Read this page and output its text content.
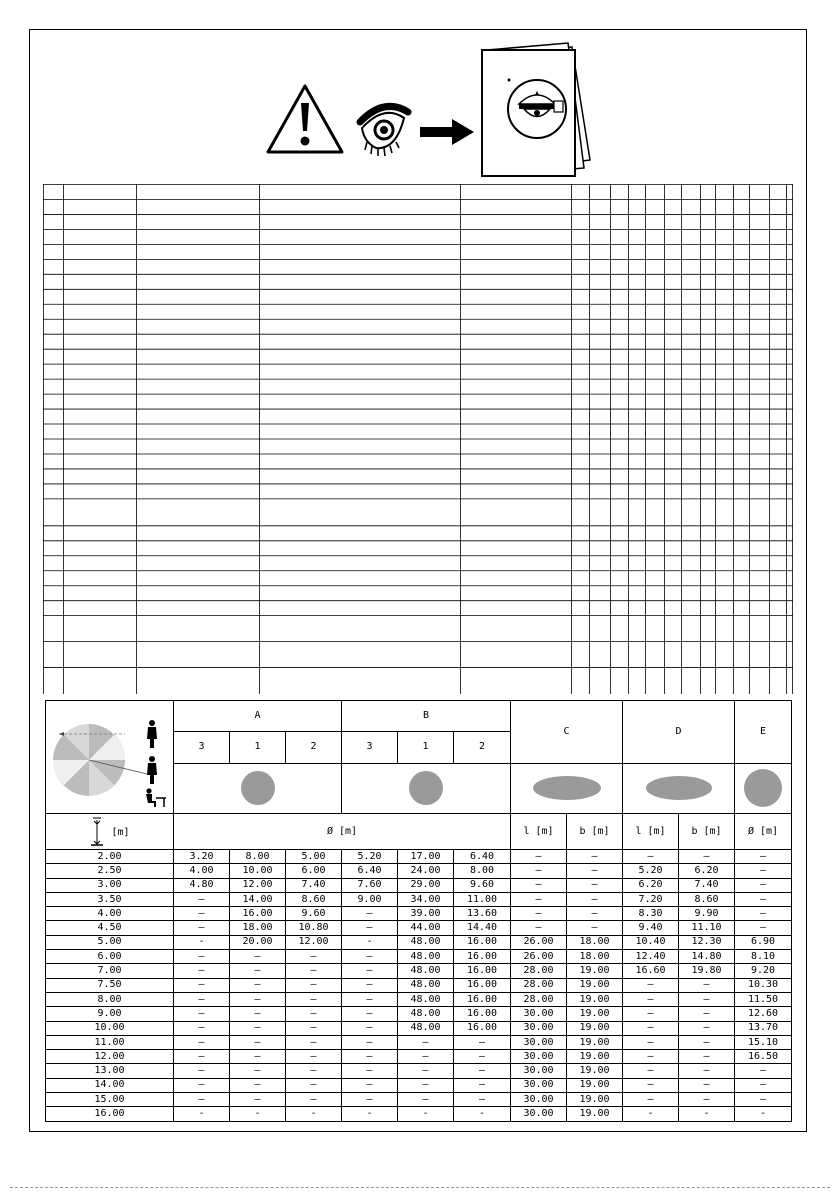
	A			B			C		D		E
	3	1	2	3	1	2					

[m]	Ø [m]						l [m]	b [m]	l [m]	b [m]	Ø [m]
2.00	3.20	8.00	5.00	5.20	17.00	6.40	–	–	–	–	–
2.50	4.00	10.00	6.00	6.40	24.00	8.00	–	–	5.20	6.20	–
3.00	4.80	12.00	7.40	7.60	29.00	9.60	–	–	6.20	7.40	–
3.50	–	14.00	8.60	9.00	34.00	11.00	–	–	7.20	8.60	–
4.00	–	16.00	9.60	–	39.00	13.60	–	–	8.30	9.90	–
4.50	–	18.00	10.80	–	44.00	14.40	–	–	9.40	11.10	–
5.00	-	20.00	12.00	-	48.00	16.00	26.00	18.00	10.40	12.30	6.90
6.00	–	–	–	–	48.00	16.00	26.00	18.00	12.40	14.80	8.10
7.00	–	–	–	–	48.00	16.00	28.00	19.00	16.60	19.80	9.20
7.50	–	–	–	–	48.00	16.00	28.00	19.00	–	–	10.30
8.00	–	–	–	–	48.00	16.00	28.00	19.00	–	–	11.50
9.00	–	–	–	–	48.00	16.00	30.00	19.00	–	–	12.60
10.00	–	–	–	–	48.00	16.00	30.00	19.00	–	–	13.70
11.00	–	–	–	–	–	–	30.00	19.00	–	–	15.10
12.00	–	–	–	–	–	–	30.00	19.00	–	–	16.50
13.00	–	–	–	–	–	–	30.00	19.00	–	–	–
14.00	–	–	–	–	–	–	30.00	19.00	–	–	–
15.00	–	–	–	–	–	–	30.00	19.00	–	–	–
16.00	-	-	-	-	-	-	30.00	19.00	-	-	-
